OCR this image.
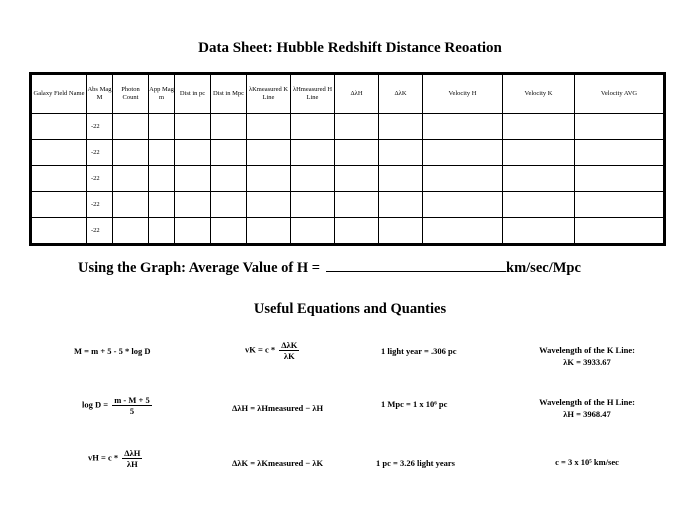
Data Sheet: Hubble Redshift Distance Reoation
Galaxy Field Name	Abs Mag M	Photon Count	App Mag m	Dist in pc	Dist in Mpc	λKmeasured K Line	λHmeasured H Line	ΔλH	ΔλK	Velocity H	Velocity K	Velocity AVG
	-22											
	-22											
	-22											
	-22											
	-22											
Using the Graph: Average Value of H =	km/sec/Mpc
Useful Equations and Quanties
M = m + 5 - 5 * log D
$\log D = \frac{m - M + 5}{5}$
vH = c * $\frac{\text{ΔλH}}{\lambda H}$
vK = c * $\frac{\text{ΔλK}}{\lambda K}$
ΔλH = λHmeasured − λH
ΔλK = λKmeasured − λK
1 light year = .306 pc
1 Mpc = 1 x 10⁶ pc
1 pc = 3.26 light years
Wavelength of the K Line:
λK = 3933.67
Wavelength of the H Line:
λH = 3968.47
c = 3 x 10⁵ km/sec
